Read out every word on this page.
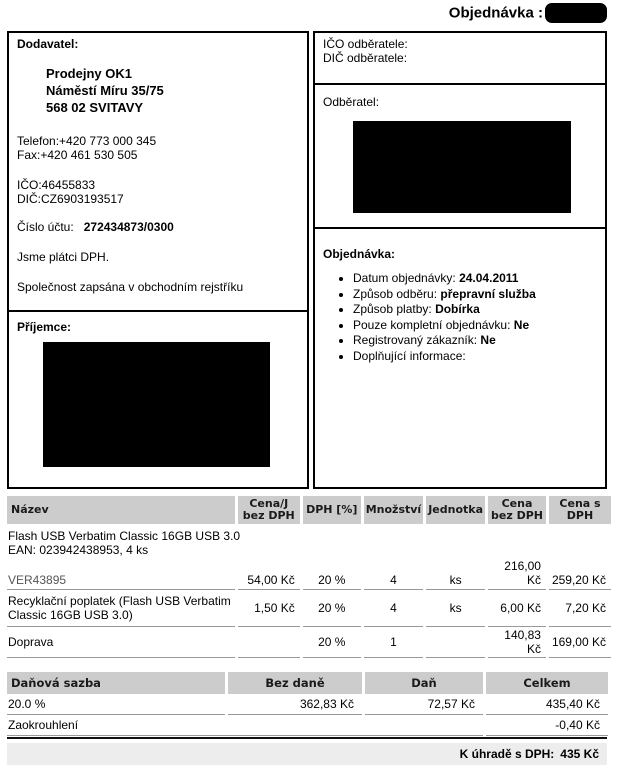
Objednávka :
Dodavatel:
Prodejny OK1
Náměstí Míru 35/75
568 02 SVITAVY
Telefon:+420 773 000 345
Fax:+420 461 530 505
IČO:46455833
DIČ:CZ6903193517
Číslo účtu: 272434873/0300
Jsme plátci DPH.
Společnost zapsána v obchodním rejstříku
Příjemce:
IČO odběratele:
DIČ odběratele:
Odběratel:
Objednávka:
• Datum objednávky: 24.04.2011
• Způsob odběru: přepravní služba
• Způsob platby: Dobírka
• Pouze kompletní objednávku: Ne
• Registrovaný zákazník: Ne
• Doplňující informace:
Název	Cena/J bez DPH	DPH [%]	Množství	Jednotka	Cena bez DPH	Cena s DPH

Flash USB Verbatim Classic 16GB USB 3.0
EAN: 023942438953, 4 ks						

VER43895	54,00 Kč	20 %	4	ks	216,00 Kč	259,20 Kč
Recyklační poplatek (Flash USB Verbatim Classic 16GB USB 3.0)	1,50 Kč	20 %	4	ks	6,00 Kč	7,20 Kč
Doprava		20 %	1		140,83 Kč	169,00 Kč
Daňová sazba	Bez daně	Daň	Celkem
20.0 %	362,83 Kč	72,57 Kč	435,40 Kč
Zaokrouhlení			-0,40 Kč
K úhradě s DPH: 435 Kč
